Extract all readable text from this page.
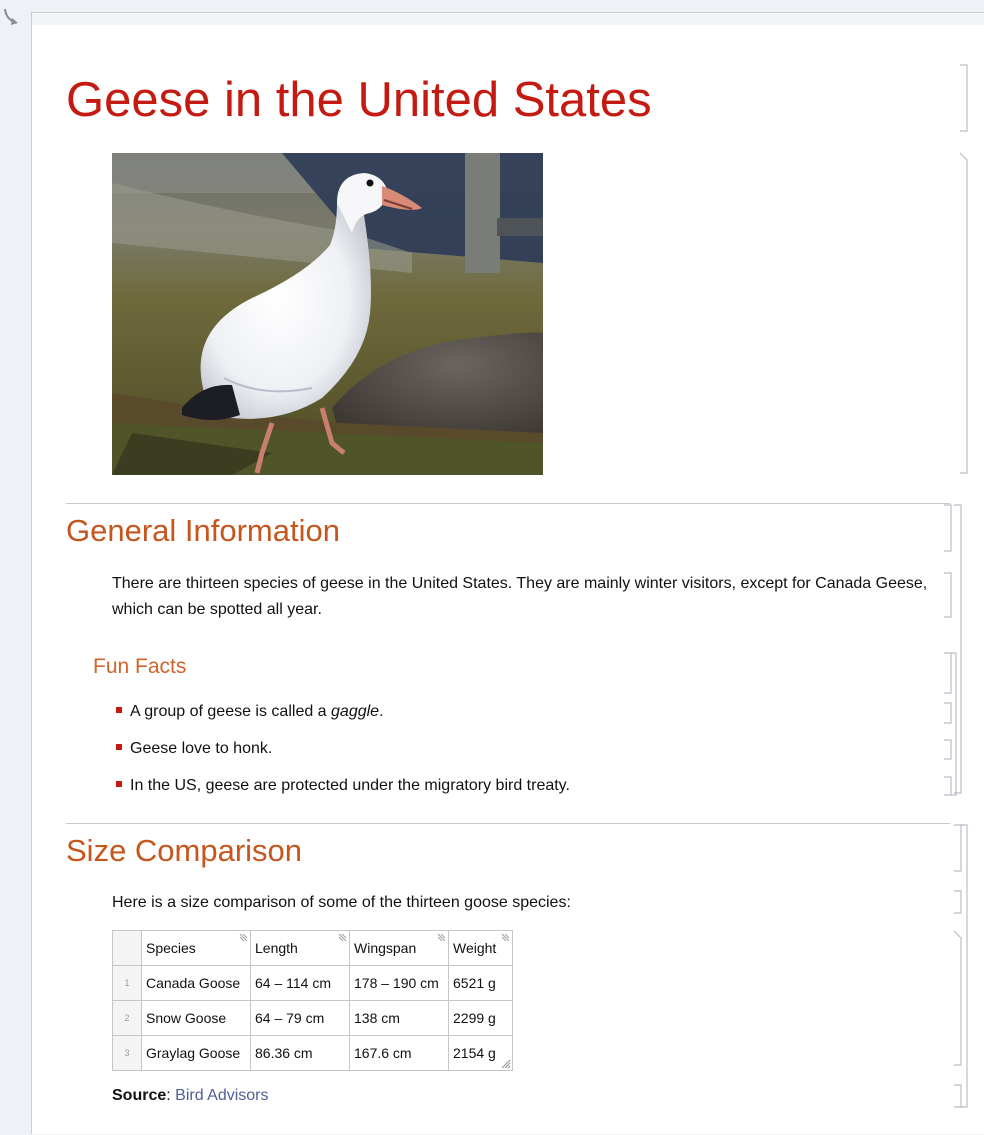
Geese in the United States
General Information

There are thirteen species of geese in the United States. They are mainly winter visitors, except for Canada Geese, which can be spotted all year.

Fun Facts
A group of geese is called a gaggle.
Geese love to honk.
In the US, geese are protected under the migratory bird treaty.
Size Comparison

Here is a size comparison of some of the thirteen goose species:

	Species	Length	Wingspan	Weight

1	Canada Goose	64 – 114 cm	178 – 190 cm	6521 g
2	Snow Goose	64 – 79 cm	138 cm	2299 g
3	Graylag Goose	86.36 cm	167.6 cm	2154 g
Source: Bird Advisors
